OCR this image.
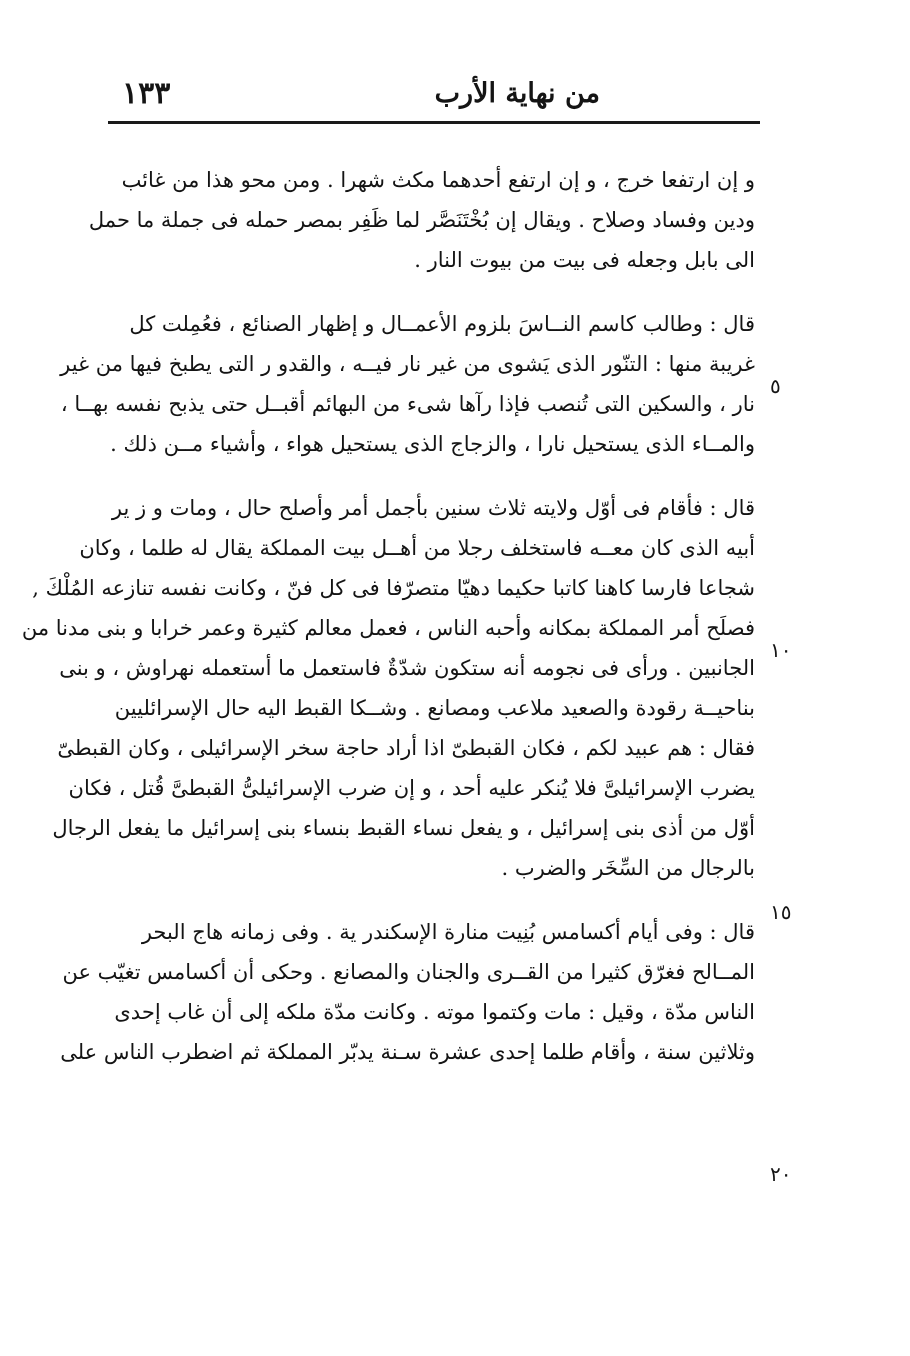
١٣٣	من نهاية الأرب
و إن ارتفعا خرج ، و إن ارتفع أحدهما مكث شهرا . ومن محو هذا من غائب
ودين وفساد وصلاح . ويقال إن بُخْتَنَصَّر لما ظَفِر بمصر حمله فى جملة ما حمل
الى بابل وجعله فى بيت من بيوت النار .
قال : وطالب كاسم النــاسَ بلزوم الأعمــال و إظهار الصنائع ، فعُمِلت كل
غريبة منها : التنّور الذى يَشوى من غير نار فيــه ، والقدو ر التى يطبخ فيها من غير
نار ، والسكين التى تُنصب فإذا رآها شىء من البهائم أقبــل حتى يذبح نفسه بهــا ،
والمــاء الذى يستحيل نارا ، والزجاج الذى يستحيل هواء ، وأشياء مــن ذلك .
قال : فأقام فى أوّل ولايته ثلاث سنين بأجمل أمر وأصلح حال ، ومات و ز ير
أبيه الذى كان معــه فاستخلف رجلا من أهــل بيت المملكة يقال له طلما ، وكان
شجاعا فارسا كاهنا كاتبا حكيما دهيّا متصرّفا فى كل فنّ ، وكانت نفسه تنازعه المُلْكَ ,
فصلَح أمر المملكة بمكانه وأحبه الناس ، فعمل معالم كثيرة وعمر خرابا و بنى مدنا من
الجانبين . ورأى فى نجومه أنه ستكون شدّةٌ فاستعمل ما أستعمله نهراوش ، و بنى
بناحيــة رقودة والصعيد ملاعب ومصانع . وشــكا القبط اليه حال الإسرائليين
فقال : هم عبيد لكم ، فكان القبطىّ اذا أراد حاجة سخر الإسرائيلى ، وكان القبطىّ
يضرب الإسرائيلىَّ فلا يُنكر عليه أحد ، و إن ضرب الإسرائيلىُّ القبطىَّ قُتل ، فكان
أوّل من أذى بنى إسرائيل ، و يفعل نساء القبط بنساء بنى إسرائيل ما يفعل الرجال
بالرجال من السِّخَر والضرب .
قال : وفى أيام أكسامس بُنِيت منارة الإسكندر ية . وفى زمانه هاج البحر
المــالح فغرّق كثيرا من القــرى والجنان والمصانع . وحكى أن أكسامس تغيّب عن
الناس مدّة ، وقيل : مات وكتموا موته . وكانت مدّة ملكه إلى أن غاب إحدى
وثلاثين سنة ، وأقام طلما إحدى عشرة سـنة يدبّر المملكة ثم اضطرب الناس على
٥
١٠
١٥
٢٠
